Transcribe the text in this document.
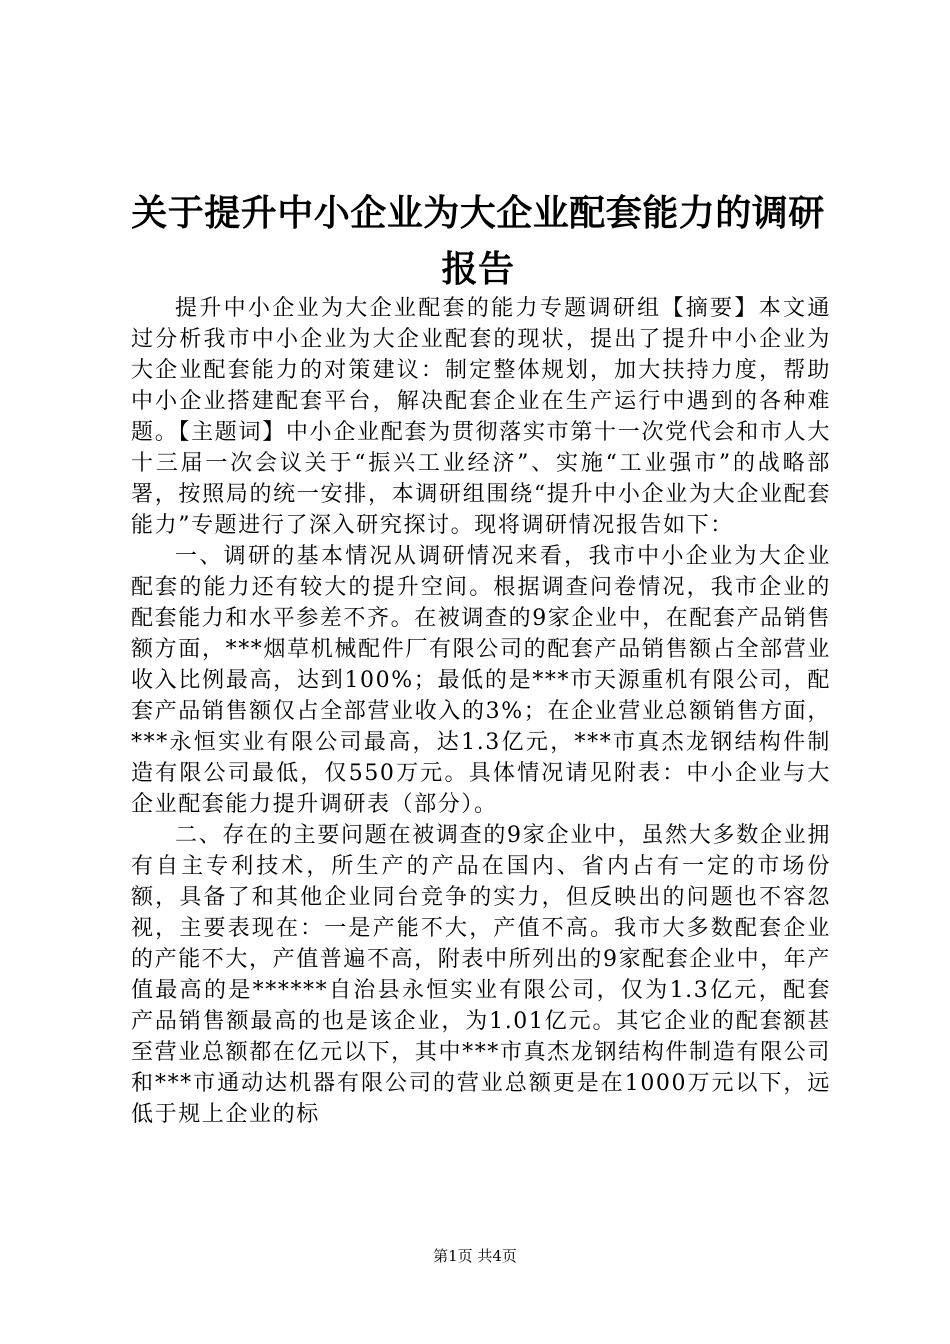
关于提升中小企业为大企业配套能力的调研报告

提升中小企业为大企业配套的能力专题调研组【摘要】本文通过分析我市中小企业为大企业配套的现状，提出了提升中小企业为大企业配套能力的对策建议：制定整体规划，加大扶持力度，帮助中小企业搭建配套平台，解决配套企业在生产运行中遇到的各种难题。【主题词】中小企业配套为贯彻落实市第十一次党代会和市人大十三届一次会议关于“振兴工业经济”、实施“工业强市”的战略部署，按照局的统一安排，本调研组围绕“提升中小企业为大企业配套能力”专题进行了深入研究探讨。现将调研情况报告如下：

一、调研的基本情况从调研情况来看，我市中小企业为大企业配套的能力还有较大的提升空间。根据调查问卷情况，我市企业的配套能力和水平参差不齐。在被调查的9家企业中，在配套产品销售额方面，***烟草机械配件厂有限公司的配套产品销售额占全部营业收入比例最高，达到100%；最低的是***市天源重机有限公司，配套产品销售额仅占全部营业收入的3%；在企业营业总额销售方面，***永恒实业有限公司最高，达1.3亿元，***市真杰龙钢结构件制造有限公司最低，仅550万元。具体情况请见附表：中小企业与大企业配套能力提升调研表（部分）。

二、存在的主要问题在被调查的9家企业中，虽然大多数企业拥有自主专利技术，所生产的产品在国内、省内占有一定的市场份额，具备了和其他企业同台竞争的实力，但反映出的问题也不容忽视，主要表现在：一是产能不大，产值不高。我市大多数配套企业的产能不大，产值普遍不高，附表中所列出的9家配套企业中，年产值最高的是******自治县永恒实业有限公司，仅为1.3亿元，配套产品销售额最高的也是该企业，为1.01亿元。其它企业的配套额甚至营业总额都在亿元以下，其中***市真杰龙钢结构件制造有限公司和***市通动达机器有限公司的营业总额更是在1000万元以下，远低于规上企业的标

第1页 共4页
